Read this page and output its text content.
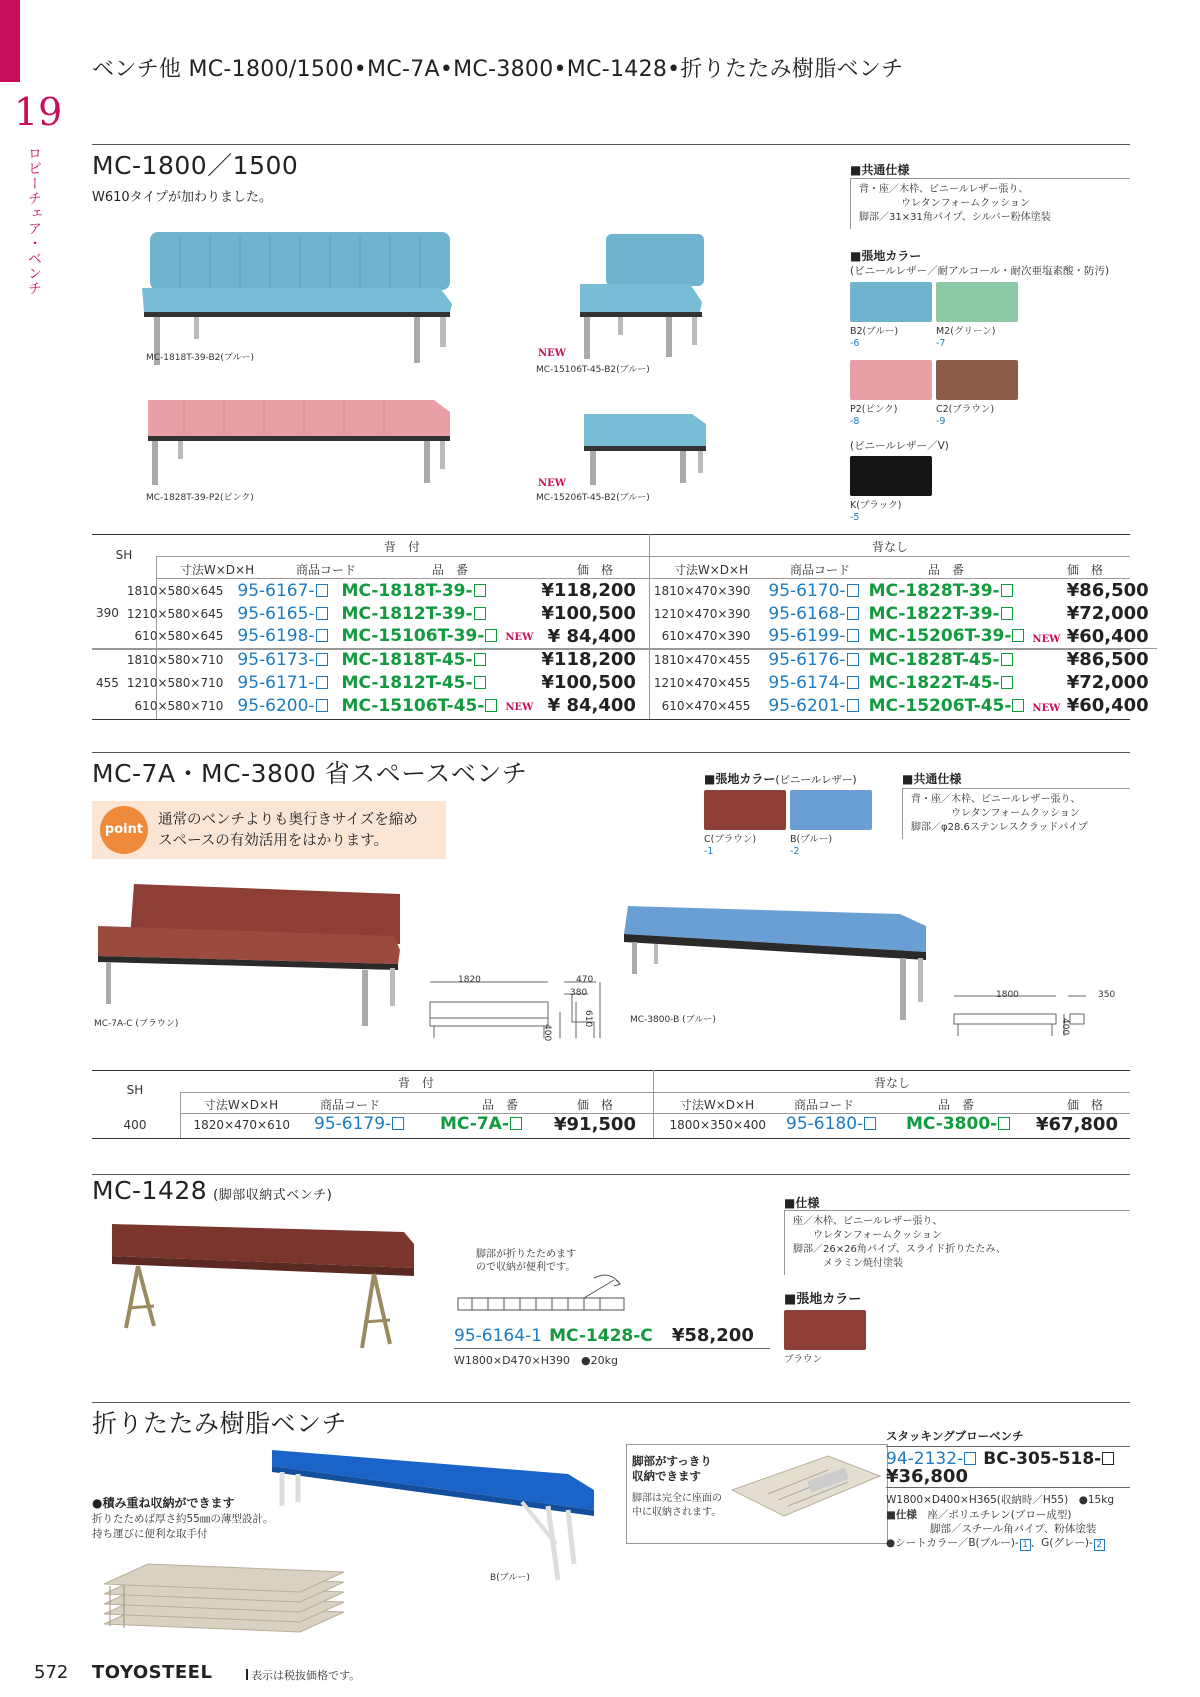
19
ロビーチェア・ベンチ
ベンチ他 MC-1800/1500•MC-7A•MC-3800•MC-1428•折りたたみ樹脂ベンチ
MC-1800／1500
W610タイプが加わりました。
MC-1818T-39-B2(ブルー)	NEW
MC-15106T-45-B2(ブルー)
MC-1828T-39-P2(ピンク)
NEW
MC-15206T-45-B2(ブルー)
■共通仕様
背・座／木枠、ビニールレザー張り、
ウレタンフォームクッション
脚部／31×31角パイプ、シルバー粉体塗装
■張地カラー
(ビニールレザー／耐アルコール・耐次亜塩素酸・防汚)
B2(ブルー)
-6
M2(グリーン)
-7
P2(ピンク)
-8
C2(ブラウン)
-9
(ビニールレザー／V)
K(ブラック)
-5
SH
背　付	背なし
寸法W×D×H	商品コード	品　番	価　格	寸法W×D×H	商品コード	品　番	価　格
390	1810×580×645	95-6167-	MC-1818T-39-		¥118,200	1810×470×390	95-6170-	MC-1828T-39-	¥86,500
	1210×580×645	95-6165-	MC-1812T-39-		¥100,500	1210×470×390	95-6168-	MC-1822T-39-	¥72,000
	610×580×645	95-6198-	MC-15106T-39-	NEW	¥ 84,400	610×470×390	95-6199-	MC-15206T-39-	NEW ¥60,400
455	1810×580×710	95-6173-	MC-1818T-45-		¥118,200	1810×470×455	95-6176-	MC-1828T-45-	¥86,500
	1210×580×710	95-6171-	MC-1812T-45-		¥100,500	1210×470×455	95-6174-	MC-1822T-45-	¥72,000
	610×580×710	95-6200-	MC-15106T-45-	NEW	¥ 84,400	610×470×455	95-6201-	MC-15206T-45-	NEW ¥60,400
MC-7A・MC-3800 省スペースベンチ
point
通常のベンチよりも奥行きサイズを縮め
スペースの有効活用をはかります。
■張地カラー(ビニールレザー)
C(ブラウン)
-1
B(ブルー)
-2
■共通仕様
背・座／木枠、ビニールレザー張り、
ウレタンフォームクッション
脚部／φ28.6ステンレスクラッドパイプ
MC-7A-C (ブラウン)
1820	470
380
400
610	MC-3800-B (ブルー)
1800	350
400
SH	背　付	背なし
寸法W×D×H	商品コード	品　番	価　格	寸法W×D×H	商品コード	品　番	価　格
400	1820×470×610 95-6179-	MC-7A-	¥91,500	1800×350×400 95-6180-	MC-3800-	¥67,800
MC-1428 (脚部収納式ベンチ)
脚部が折りたためます
ので収納が便利です。
95-6164-1 MC-1428-C ¥58,200
W1800×D470×H390　●20kg
■仕様
座／木枠、ビニールレザー張り、
ウレタンフォームクッション
脚部／26×26角パイプ、スライド折りたたみ、
メラミン焼付塗装
■張地カラー
ブラウン
折りたたみ樹脂ベンチ
B(ブルー)
●積み重ね収納ができます
折りたためば厚さ約55㎜の薄型設計。
持ち運びに便利な取手付
脚部がすっきり
収納できます
脚部は完全に座面の
中に収納されます。
スタッキングブローベンチ
94-2132- BC-305-518-
¥36,800
W1800×D400×H365(収納時／H55)　●15kg
■仕様　 座／ポリエチレン(ブロー成型)
脚部／スチール角パイプ、粉体塗装
●シートカラー／B(ブルー)- 1 、G(グレー)- 2
572 TOYOSTEEL	表示は税抜価格です。
